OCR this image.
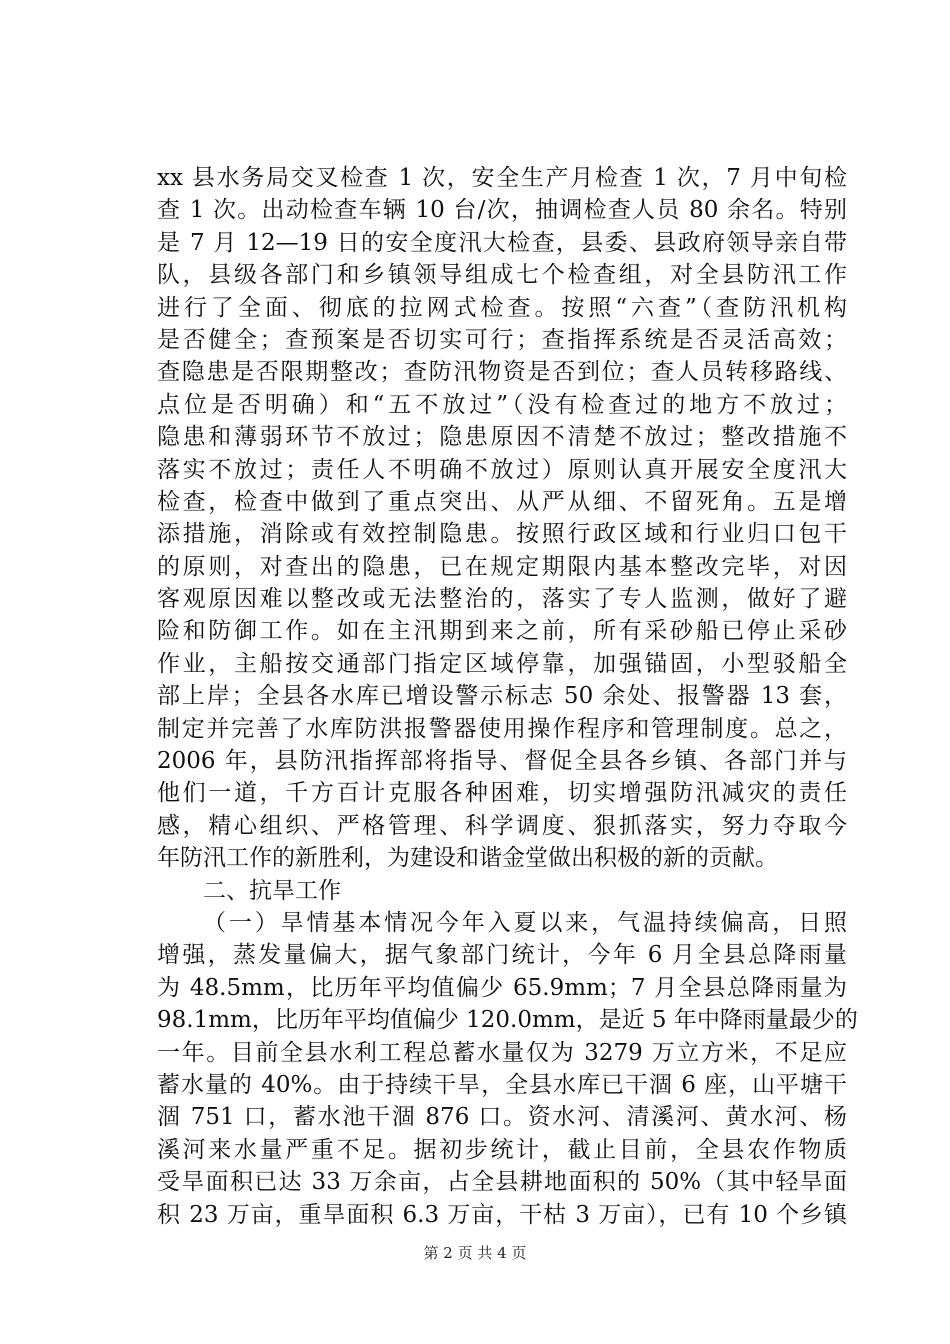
xx 县水务局交叉检查 1 次，安全生产月检查 1 次，7 月中旬检
查 1 次。出动检查车辆 10 台/次，抽调检查人员 80 余名。特别
是 7 月 12—19 日的安全度汛大检查，县委、县政府领导亲自带
队，县级各部门和乡镇领导组成七个检查组，对全县防汛工作
进行了全面、彻底的拉网式检查。按照“六查”（查防汛机构
是否健全；查预案是否切实可行；查指挥系统是否灵活高效；
查隐患是否限期整改；查防汛物资是否到位；查人员转移路线、
点位是否明确）和“五不放过”（没有检查过的地方不放过；
隐患和薄弱环节不放过；隐患原因不清楚不放过；整改措施不
落实不放过；责任人不明确不放过）原则认真开展安全度汛大
检查，检查中做到了重点突出、从严从细、不留死角。五是增
添措施，消除或有效控制隐患。按照行政区域和行业归口包干
的原则，对查出的隐患，已在规定期限内基本整改完毕，对因
客观原因难以整改或无法整治的，落实了专人监测，做好了避
险和防御工作。如在主汛期到来之前，所有采砂船已停止采砂
作业，主船按交通部门指定区域停靠，加强锚固，小型驳船全
部上岸；全县各水库已增设警示标志 50 余处、报警器 13 套，
制定并完善了水库防洪报警器使用操作程序和管理制度。总之，
2006 年，县防汛指挥部将指导、督促全县各乡镇、各部门并与
他们一道，千方百计克服各种困难，切实增强防汛减灾的责任
感，精心组织、严格管理、科学调度、狠抓落实，努力夺取今
年防汛工作的新胜利，为建设和谐金堂做出积极的新的贡献。
二、抗旱工作
（一）旱情基本情况今年入夏以来，气温持续偏高，日照
增强，蒸发量偏大，据气象部门统计，今年 6 月全县总降雨量
为 48.5mm，比历年平均值偏少 65.9mm；7 月全县总降雨量为
98.1mm，比历年平均值偏少 120.0mm，是近 5 年中降雨量最少的
一年。目前全县水利工程总蓄水量仅为 3279 万立方米，不足应
蓄水量的 40%。由于持续干旱，全县水库已干涸 6 座，山平塘干
涸 751 口，蓄水池干涸 876 口。资水河、清溪河、黄水河、杨
溪河来水量严重不足。据初步统计，截止目前，全县农作物质
受旱面积已达 33 万余亩，占全县耕地面积的 50%（其中轻旱面
积 23 万亩，重旱面积 6.3 万亩，干枯 3 万亩），已有 10 个乡镇
第 2 页 共 4 页
